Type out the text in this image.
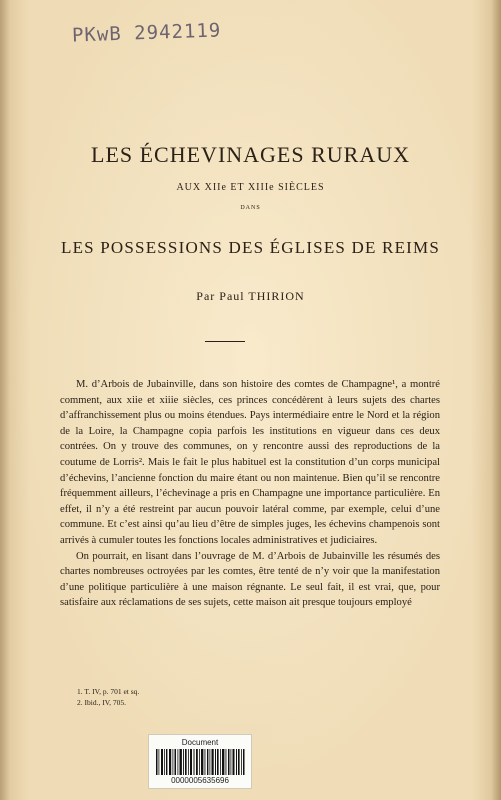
PKwB 2942119
LES ÉCHEVINAGES RURAUX
AUX XIIe ET XIIIe SIÈCLES
DANS
LES POSSESSIONS DES ÉGLISES DE REIMS
Par Paul THIRION

M. d’Arbois de Jubainville, dans son histoire des comtes de Champagne¹, a montré comment, aux xiie et xiiie siècles, ces princes concédèrent à leurs sujets des chartes d’affranchissement plus ou moins étendues. Pays intermédiaire entre le Nord et la région de la Loire, la Champagne copia parfois les institutions en vigueur dans ces deux contrées. On y trouve des communes, on y rencontre aussi des reproductions de la coutume de Lorris². Mais le fait le plus habituel est la constitution d’un corps municipal d’échevins, l’ancienne fonction du maire étant ou non maintenue. Bien qu’il se rencontre fréquemment ailleurs, l’échevinage a pris en Champagne une importance particulière. En effet, il n’y a été restreint par aucun pouvoir latéral comme, par exemple, celui d’une commune. Et c’est ainsi qu’au lieu d’être de simples juges, les échevins champenois sont arrivés à cumuler toutes les fonctions locales administratives et judiciaires.

On pourrait, en lisant dans l’ouvrage de M. d’Arbois de Jubainville les résumés des chartes nombreuses octroyées par les comtes, être tenté de n’y voir que la manifestation d’une politique particulière à une maison régnante. Le seul fait, il est vrai, que, pour satisfaire aux réclamations de ses sujets, cette maison ait presque toujours employé

1. T. IV, p. 701 et sq.
2. Ibid., IV, 705.
Document
0000005635696
